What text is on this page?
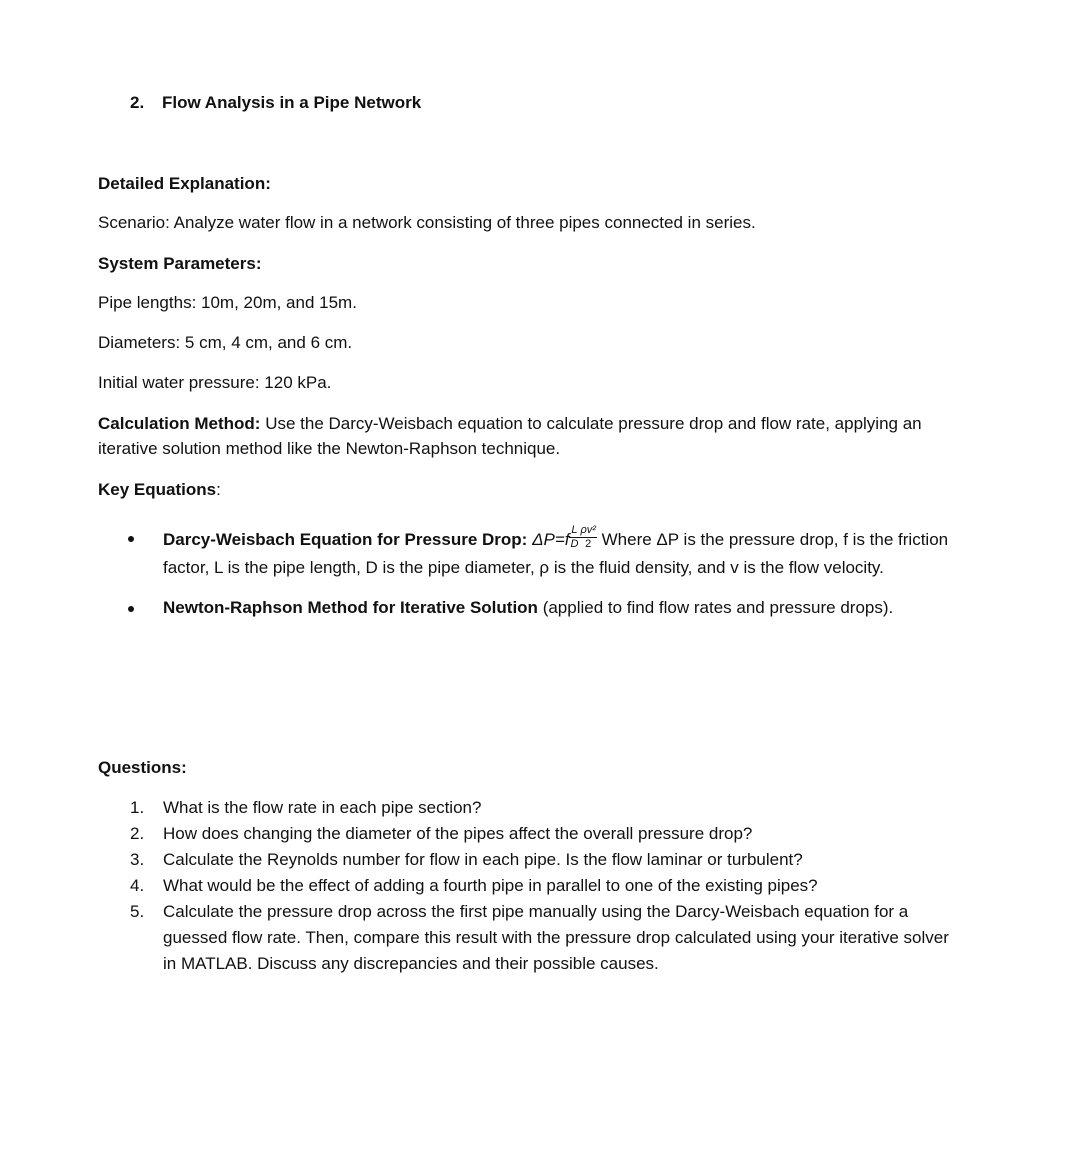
2. Flow Analysis in a Pipe Network
Detailed Explanation:
Scenario: Analyze water flow in a network consisting of three pipes connected in series.
System Parameters:
Pipe lengths: 10m, 20m, and 15m.
Diameters: 5 cm, 4 cm, and 6 cm.
Initial water pressure: 120 kPa.
Calculation Method: Use the Darcy-Weisbach equation to calculate pressure drop and flow rate, applying an
iterative solution method like the Newton-Raphson technique.
Key Equations:
Darcy-Weisbach Equation for Pressure Drop: $\Delta P=f \frac{L}{D} \frac{\text{ρv²}}{2}$ Where ΔP is the pressure drop, f is the friction
factor, L is the pipe length, D is the pipe diameter, ρ is the fluid density, and v is the flow velocity.
Newton-Raphson Method for Iterative Solution (applied to find flow rates and pressure drops).
Questions:
1. What is the flow rate in each pipe section?
2. How does changing the diameter of the pipes affect the overall pressure drop?
3. Calculate the Reynolds number for flow in each pipe. Is the flow laminar or turbulent?
4. What would be the effect of adding a fourth pipe in parallel to one of the existing pipes?
5. Calculate the pressure drop across the first pipe manually using the Darcy-Weisbach equation for a guessed flow rate. Then, compare this result with the pressure drop calculated using your iterative solver in MATLAB. Discuss any discrepancies and their possible causes.
